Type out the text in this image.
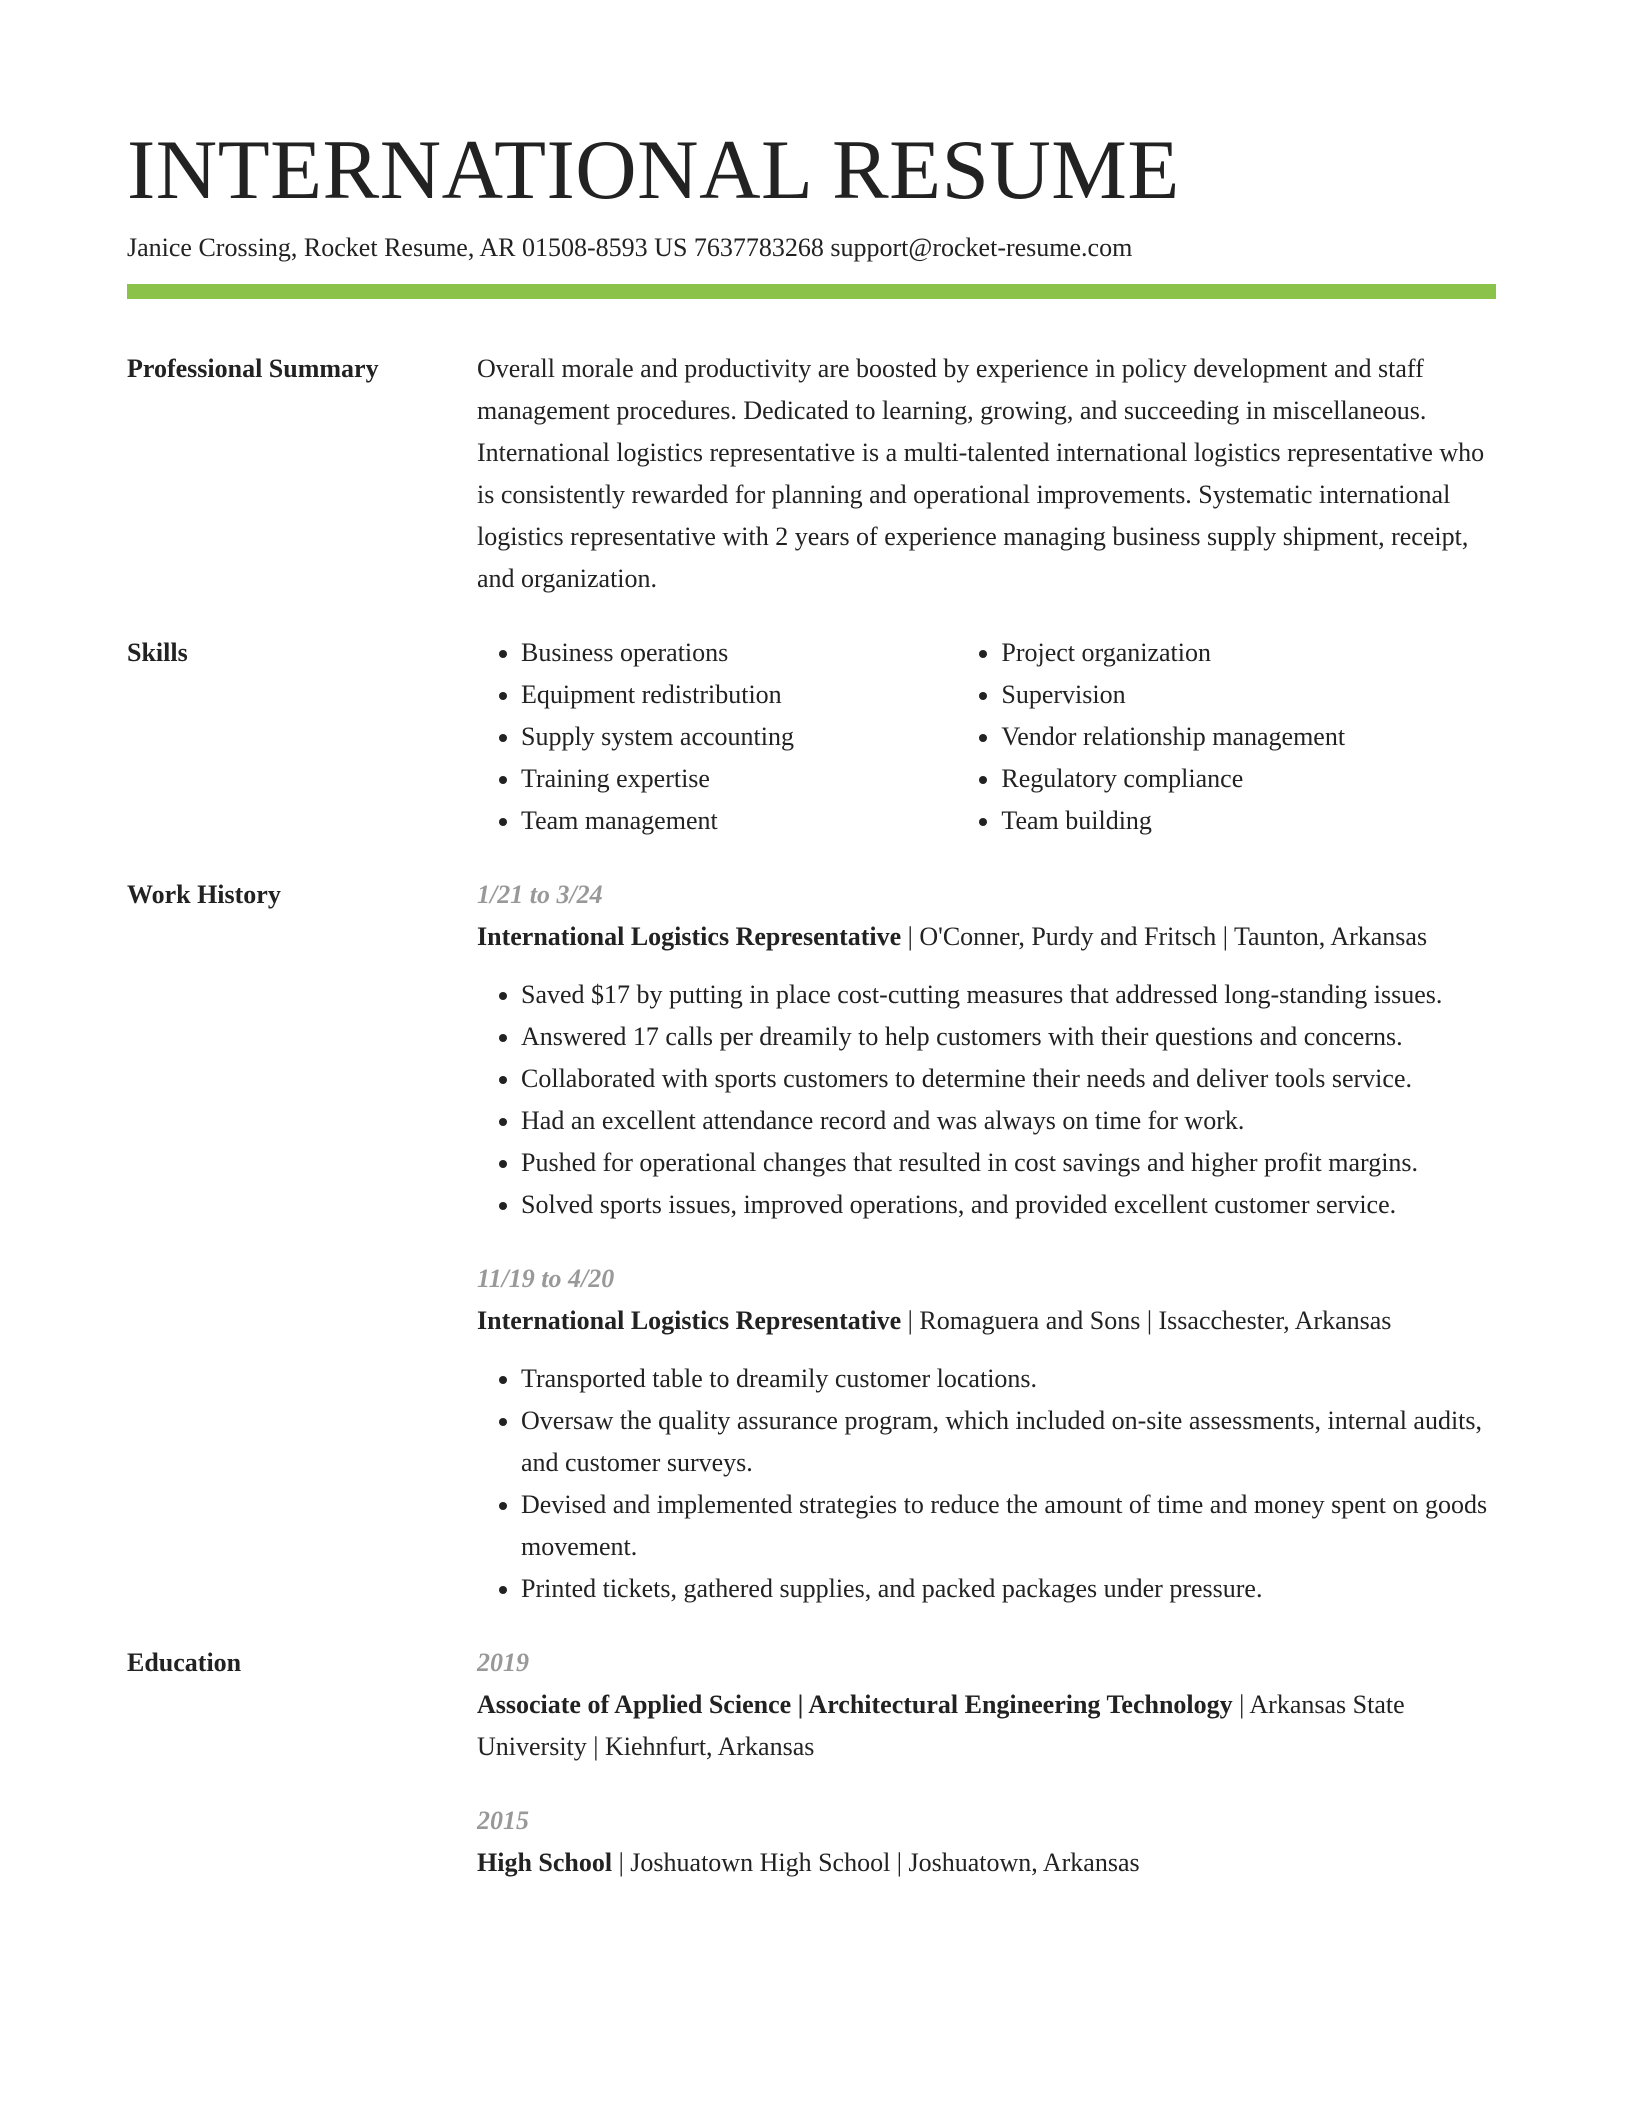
INTERNATIONAL RESUME
Janice Crossing, Rocket Resume, AR 01508-8593 US 7637783268 support@rocket-resume.com
Professional Summary	Overall morale and productivity are boosted by experience in policy development and staff management procedures. Dedicated to learning, growing, and succeeding in miscellaneous. International logistics representative is a multi-talented international logistics representative who is consistently rewarded for planning and operational improvements. Systematic international logistics representative with 2 years of experience managing business supply shipment, receipt, and organization.

Skills
•	Business operations
• Equipment redistribution
• Supply system accounting
• Training expertise
• Team management
• Project organization
• Supervision
• Vendor relationship management
• Regulatory compliance
• Team building
Work History	1/21 to 3/24
International Logistics Representative | O'Conner, Purdy and Fritsch | Taunton, Arkansas
• Saved $17 by putting in place cost-cutting measures that addressed long-standing issues.
• Answered 17 calls per dreamily to help customers with their questions and concerns.
• Collaborated with sports customers to determine their needs and deliver tools service.
• Had an excellent attendance record and was always on time for work.
• Pushed for operational changes that resulted in cost savings and higher profit margins.
• Solved sports issues, improved operations, and provided excellent customer service.
11/19 to 4/20
International Logistics Representative | Romaguera and Sons | Issacchester, Arkansas
• Transported table to dreamily customer locations.
• Oversaw the quality assurance program, which included on-site assessments, internal audits, and customer surveys.
• Devised and implemented strategies to reduce the amount of time and money spent on goods movement.
• Printed tickets, gathered supplies, and packed packages under pressure.
Education	2019
Associate of Applied Science | Architectural Engineering Technology | Arkansas State University | Kiehnfurt, Arkansas
2015
High School | Joshuatown High School | Joshuatown, Arkansas
